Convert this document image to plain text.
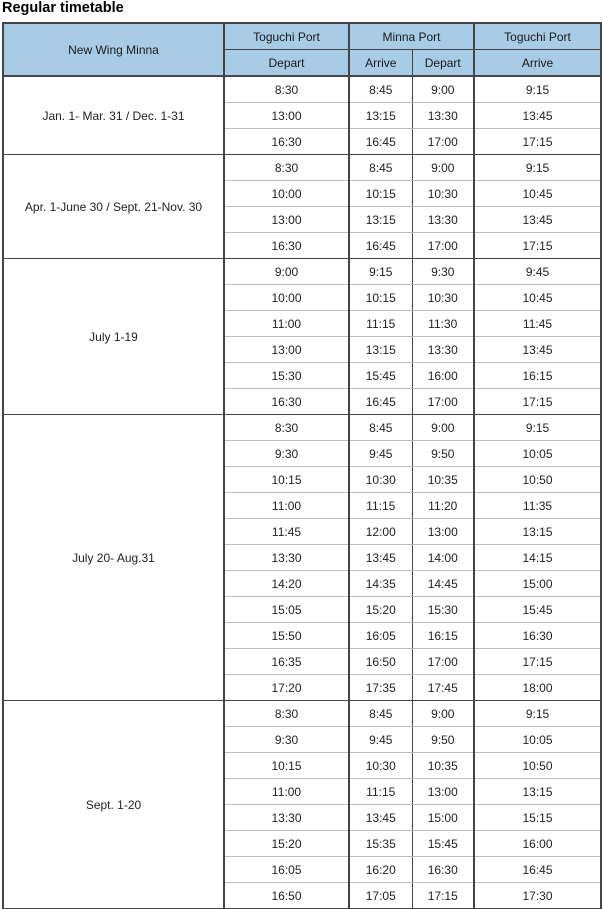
Regular timetable
New Wing Minna	Toguchi Port	Minna Port		Toguchi Port
	Depart	Arrive	Depart	Arrive
Jan. 1- Mar. 31 / Dec. 1-31	8:30	8:45	9:00	9:15
	13:00	13:15	13:30	13:45
	16:30	16:45	17:00	17:15
Apr. 1-June 30 / Sept. 21-Nov. 30	8:30	8:45	9:00	9:15
	10:00	10:15	10:30	10:45
	13:00	13:15	13:30	13:45
	16:30	16:45	17:00	17:15
July 1-19	9:00	9:15	9:30	9:45
	10:00	10:15	10:30	10:45
	11:00	11:15	11:30	11:45
	13:00	13:15	13:30	13:45
	15:30	15:45	16:00	16:15
	16:30	16:45	17:00	17:15
July 20- Aug.31	8:30	8:45	9:00	9:15
	9:30	9:45	9:50	10:05
	10:15	10:30	10:35	10:50
	11:00	11:15	11:20	11:35
	11:45	12:00	13:00	13:15
	13:30	13:45	14:00	14:15
	14:20	14:35	14:45	15:00
	15:05	15:20	15:30	15:45
	15:50	16:05	16:15	16:30
	16:35	16:50	17:00	17:15
	17:20	17:35	17:45	18:00
Sept. 1-20	8:30	8:45	9:00	9:15
	9:30	9:45	9:50	10:05
	10:15	10:30	10:35	10:50
	11:00	11:15	13:00	13:15
	13:30	13:45	15:00	15:15
	15:20	15:35	15:45	16:00
	16:05	16:20	16:30	16:45
	16:50	17:05	17:15	17:30
